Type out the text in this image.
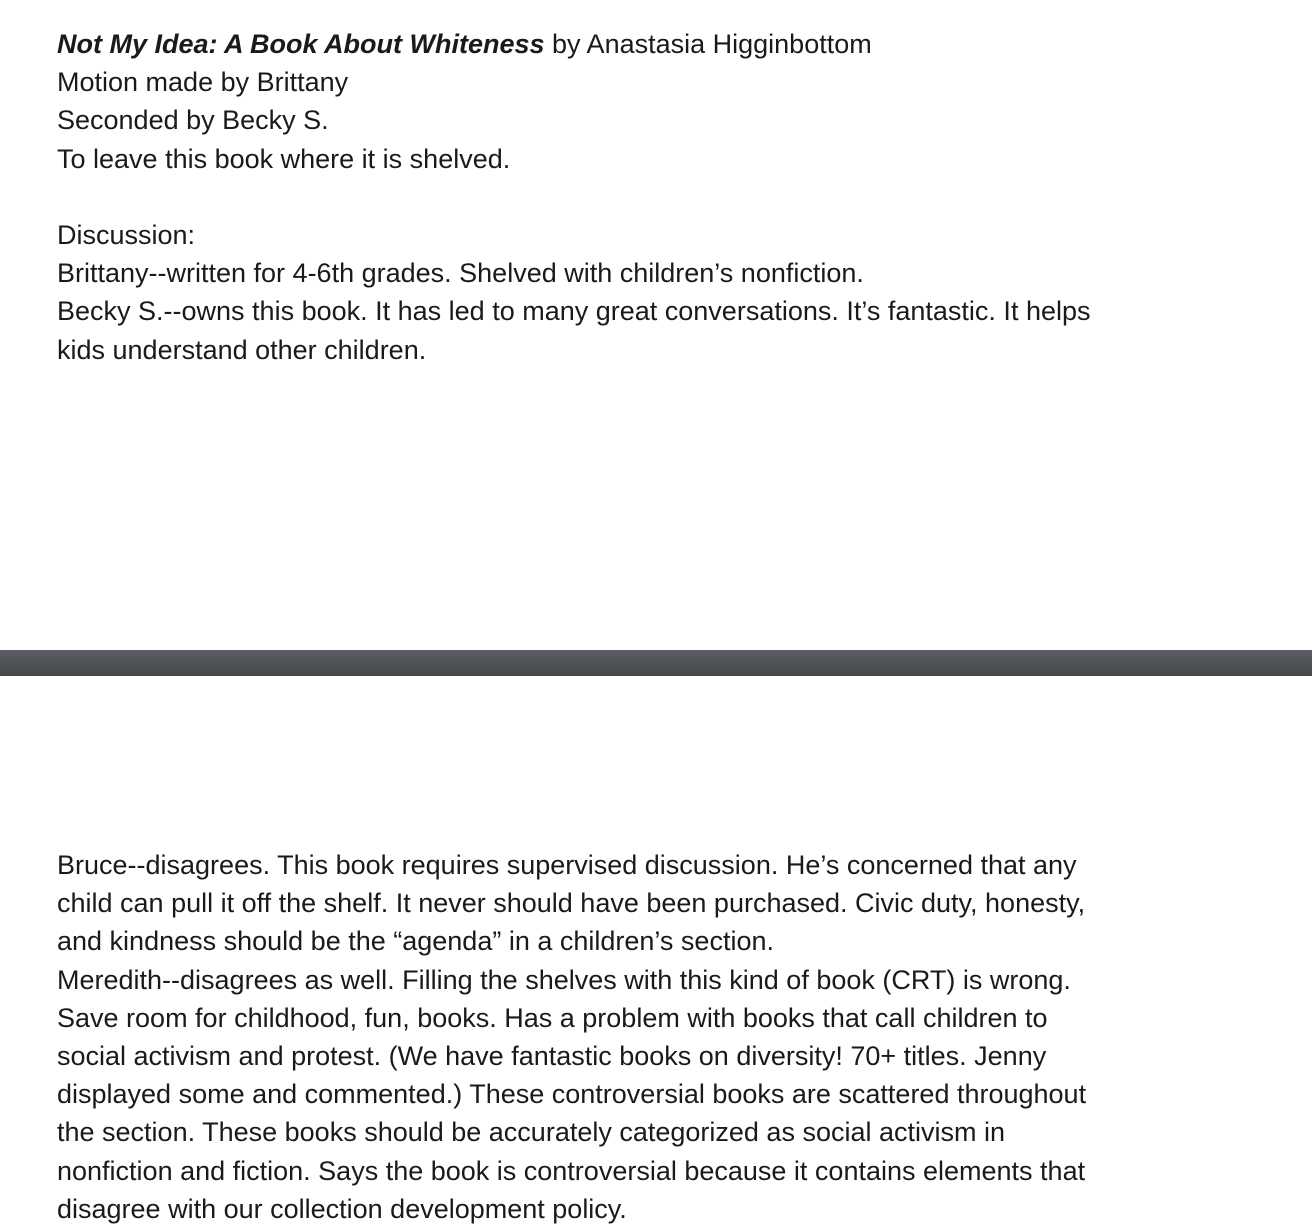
Not My Idea: A Book About Whiteness by Anastasia Higginbottom
Motion made by Brittany
Seconded by Becky S.
To leave this book where it is shelved.
Discussion:
Brittany--written for 4-6th grades. Shelved with children’s nonfiction.
Becky S.--owns this book. It has led to many great conversations. It’s fantastic. It helps
kids understand other children.
Bruce--disagrees. This book requires supervised discussion. He’s concerned that any
child can pull it off the shelf. It never should have been purchased. Civic duty, honesty,
and kindness should be the “agenda” in a children’s section.
Meredith--disagrees as well. Filling the shelves with this kind of book (CRT) is wrong.
Save room for childhood, fun, books. Has a problem with books that call children to
social activism and protest. (We have fantastic books on diversity! 70+ titles. Jenny
displayed some and commented.) These controversial books are scattered throughout
the section. These books should be accurately categorized as social activism in
nonfiction and fiction. Says the book is controversial because it contains elements that
disagree with our collection development policy.
